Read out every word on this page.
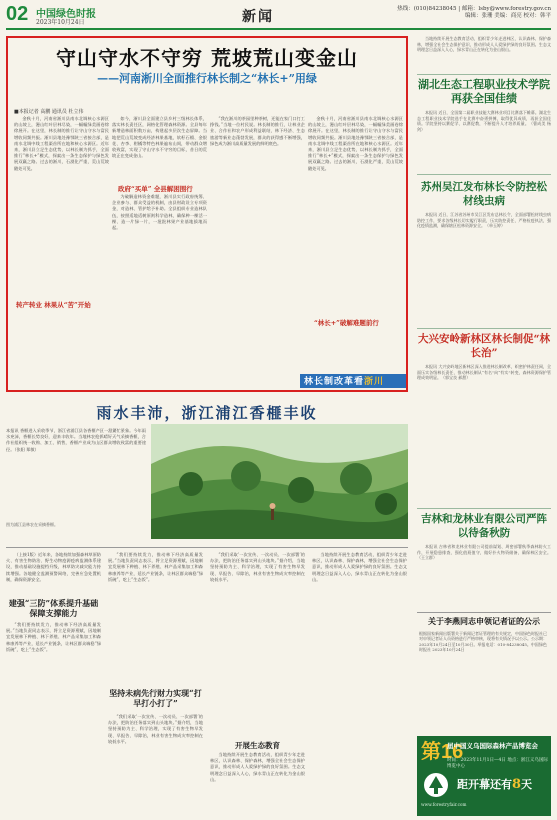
02 中国绿色时报
2023年10月24日	新闻	热线：(010)84238045 | 邮箱：lsby@www.forestry.gov.cn
编辑：张珊 美编：商亮 校对：韩平
守山守水不守穷 荒坡荒山变金山
——河南淅川全面推行林长制之“林长+”用绿
■本报记者 高鹏 通讯员 杜立伟

金秋十月，河南省淅川县南水北调核心水源区的山坡上，漫山红叶层林尽染，一幅幅绿美画卷徐徐展开。在这里，林长制的推行让守山守水与富民增收同频共振。淅川县地处豫鄂陕三省接合部，是南水北调中线工程渠首所在地和核心水源区。近年来，淅川县立足生态优势，以林长制为抓手，全面推行“林长+”模式，探索出一条生态保护与绿色发展双赢之路。过去的淅川，石漠化严重，荒山荒坡随处可见。

如今，淅川县全面建立县乡村三级林长体系，落实林长责任区，网格化管理森林资源。全县每年新增造林面积数万亩，构建起多层次生态屏障。当地把荒山荒坡变成经济林果基地，软籽石榴、金银花、杏李、柑橘等特色林果遍布山间，带动群众增收致富，实现了守山守水不守穷的目标，昔日的荒坡正在变成金山。

转产转业 林果从“苦”开始

为破解造林资金难题，淅川县实行政府统筹、企业参与、群众受益的机制，由县财政设立专项资金，对造林、管护给予补助。全县组织专业造林队伍，按照适地适树原则科学造林，确保种一棵活一棵、造一片绿一片，一批批林果产业基地拔地而起。

政府“买单” 全县解困围行

“我在淅川的茶园里种茶树，还能在家门口打工挣钱。”当地一位村民说。林长制的推行，让林业企业、合作社和农户形成利益联结，林下经济、生态旅游等新业态蓬勃发展，群众的获得感不断增强，绿色成为淅川高质量发展的鲜明底色。

金秋十月，河南省淅川县南水北调核心水源区的山坡上，漫山红叶层林尽染，一幅幅绿美画卷徐徐展开。在这里，林长制的推行让守山守水与富民增收同频共振。淅川县地处豫鄂陕三省接合部，是南水北调中线工程渠首所在地和核心水源区。近年来，淅川县立足生态优势，以林长制为抓手，全面推行“林长+”模式，探索出一条生态保护与绿色发展双赢之路。过去的淅川，石漠化严重，荒山荒坡随处可见。

“林长+”破解难题前行
林长制改革看浙川

当地持续开展生态教育活动，组织青少年走进林区，认识森林、保护森林，增强全社会生态保护意识，推动形成人人爱绿护绿的良好氛围。生态文明理念日益深入人心，绿水青山正在转化为金山银山。

湖北生态工程职业技术学院再获全国佳绩

本报讯 近日，全国第二届职业技能大赛林业项目比赛落下帷幕。湖北生态工程职业技术学院选手在比赛中奋勇拼搏，取得优异成绩，再获全国佳绩。学院坚持以赛促学、以赛促教，不断提升人才培养质量。（曹成美 杨剑）

苏州吴江发布林长令防控松材线虫病

本报讯 近日，江苏省苏州市吴江区发布总林长令，全面部署松材线虫病防控工作，要求各级林长切实履行职责，压实防控责任，严格检疫执法，强化疫情监测，确保辖区松林资源安全。（单玉婷）

大兴安岭新林区林长制促“林长治”

本报讯 大兴安岭地区新林区深入推进林长制改革，织密护林责任网，全面压实各级林长责任，推动林长制从“有名”向“有实”转变，森林资源保护管理成效明显。（郭宝良 郝甜）

吉林和龙林业有限公司严阵以待备秋防

本报讯 吉林省和龙林业有限公司提前谋划、周密部署秋季森林防火工作，开展隐患排查，强化值班值守，做好扑火物资储备，确保林区安全。（王立群）

雨水丰沛，浙江浦江香榧丰收

本报讯 香榧进入采收季节，浙江省浦江县各香榧产区一派繁忙景象。今年雨水充沛，香榧长势良好，迎来丰收年。当地林农抢抓晴好天气采摘香榧，合作社组织统一收购、加工、销售，香榧产业成为山区群众增收致富的重要途径。（张阳 郑敏）

图为浦江县林农在采摘香榧。
建强“三防”体系提升基础保障支撑能力

（上接1版）近年来，各地持续加强森林草原防火、有害生物防治、野生动物疫源疫病监测体系建设，推动基础设施提档升级，林草防灾减灾能力持续增强。各地健全监测预警网络，完善应急处置机制，确保资源安全。

“我们要持续发力，推动林下经济高质量发展。”当地负责同志表示，将立足资源禀赋，因地制宜发展林下种植、林下养殖、林产品采集加工和森林康养等产业，延长产业链条，让林区群众端稳“绿饭碗”，吃上“生态饭”。

“我们要持续发力，推动林下经济高质量发展。”当地负责同志表示，将立足资源禀赋，因地制宜发展林下种植、林下养殖、林产品采集加工和森林康养等产业，延长产业链条，让林区群众端稳“绿饭碗”，吃上“生态饭”。

坚持未病先行财力实现“打早打小打了”

“我们采取‘一次宣传、一次动员、一次部署’的办法，把防治任务落实到山头地块。”据介绍，当地坚持预防为主、科学治理，实现了有害生物早发现、早报告、早除治，林业有害生物成灾率控制在较低水平。

“我们采取‘一次宣传、一次动员、一次部署’的办法，把防治任务落实到山头地块。”据介绍，当地坚持预防为主、科学治理，实现了有害生物早发现、早报告、早除治，林业有害生物成灾率控制在较低水平。

开展生态教育

当地持续开展生态教育活动，组织青少年走进林区，认识森林、保护森林，增强全社会生态保护意识，推动形成人人爱绿护绿的良好氛围。生态文明理念日益深入人心，绿水青山正在转化为金山银山。

当地持续开展生态教育活动，组织青少年走进林区，认识森林、保护森林，增强全社会生态保护意识，推动形成人人爱绿护绿的良好氛围。生态文明理念日益深入人心，绿水青山正在转化为金山银山。

关于李燕同志申领记者证的公示
根据国家新闻出版署关于新闻记者证管理的有关规定，中国绿色时报社已对申领记者证人员资格进行严格审核，现将有关情况予以公示。公示期：2023年10月24日至10月30日。举报电话：010-84238045。中国绿色时报社 2023年10月24日
第16
届中国义乌国际森林产品博览会
时间：2023年11月1日—4日 地点：浙江义乌国际博览中心
距开幕还有8天
www.forestryfair.com
